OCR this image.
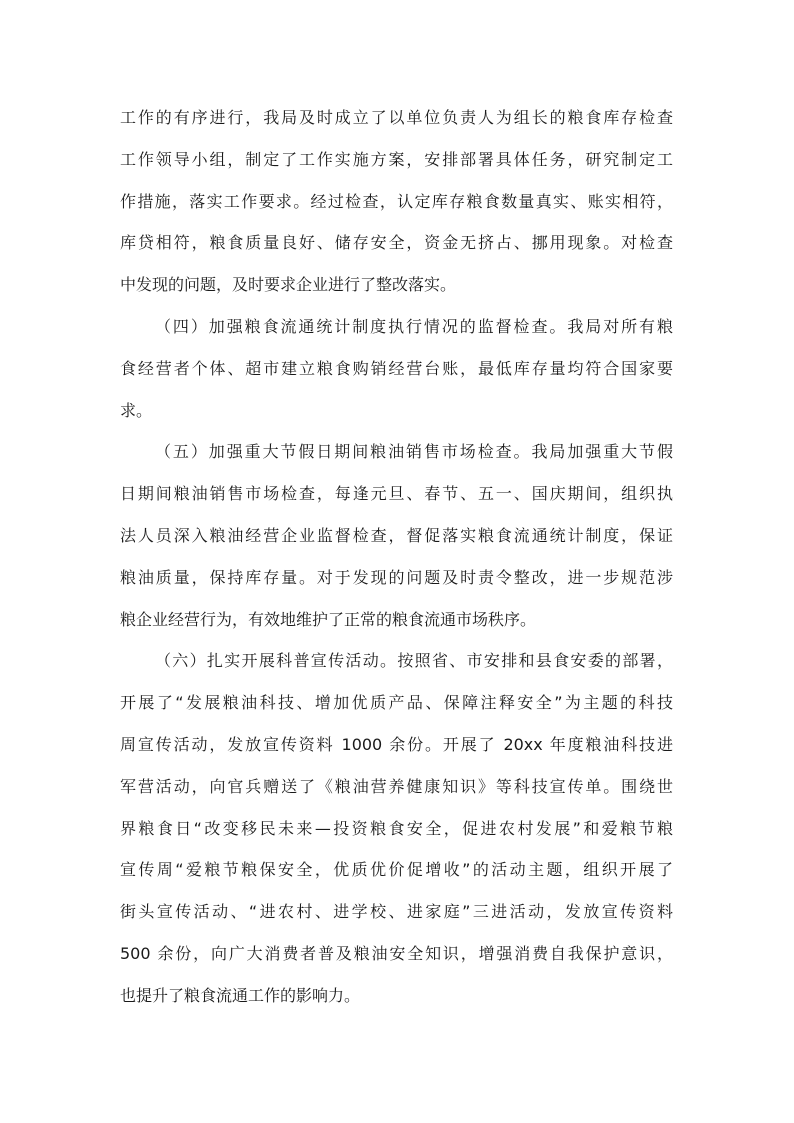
工作的有序进行，我局及时成立了以单位负责人为组长的粮食库存检查
工作领导小组，制定了工作实施方案，安排部署具体任务，研究制定工
作措施，落实工作要求。经过检查，认定库存粮食数量真实、账实相符，
库贷相符，粮食质量良好、储存安全，资金无挤占、挪用现象。对检查
中发现的问题，及时要求企业进行了整改落实。
（四）加强粮食流通统计制度执行情况的监督检查。我局对所有粮
食经营者个体、超市建立粮食购销经营台账，最低库存量均符合国家要
求。
（五）加强重大节假日期间粮油销售市场检查。我局加强重大节假
日期间粮油销售市场检查，每逢元旦、春节、五一、国庆期间，组织执
法人员深入粮油经营企业监督检查，督促落实粮食流通统计制度，保证
粮油质量，保持库存量。对于发现的问题及时责令整改，进一步规范涉
粮企业经营行为，有效地维护了正常的粮食流通市场秩序。
（六）扎实开展科普宣传活动。按照省、市安排和县食安委的部署，
开展了“发展粮油科技、增加优质产品、保障注释安全”为主题的科技
周宣传活动，发放宣传资料 1000 余份。开展了 20xx 年度粮油科技进
军营活动，向官兵赠送了《粮油营养健康知识》等科技宣传单。围绕世
界粮食日“改变移民未来—投资粮食安全，促进农村发展”和爱粮节粮
宣传周“爱粮节粮保安全，优质优价促增收”的活动主题，组织开展了
街头宣传活动、“进农村、进学校、进家庭”三进活动，发放宣传资料
500 余份，向广大消费者普及粮油安全知识，增强消费自我保护意识，
也提升了粮食流通工作的影响力。
